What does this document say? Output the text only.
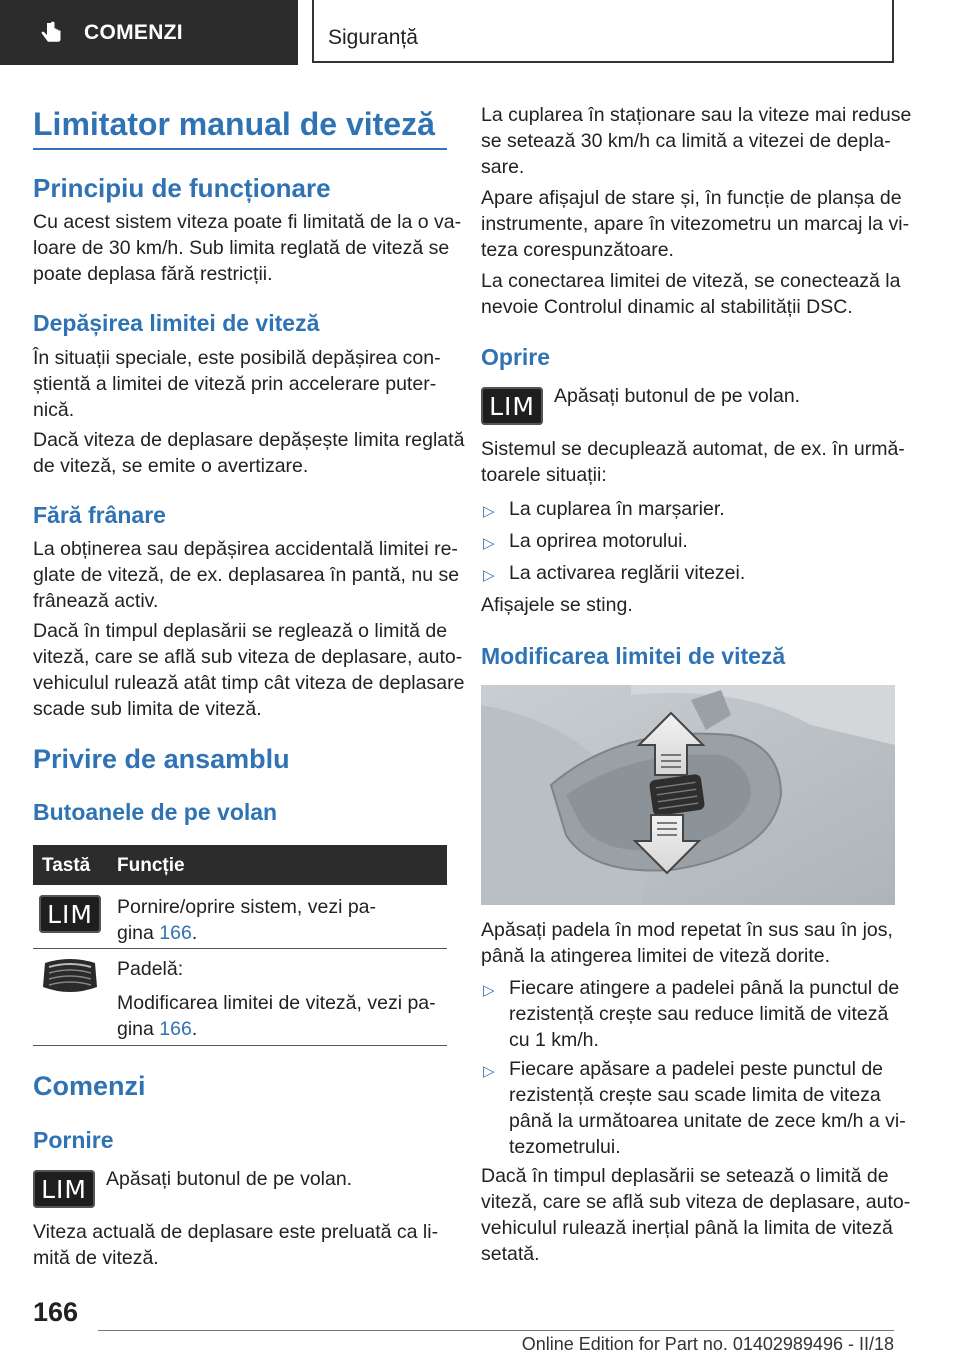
COMENZI	Siguranță
Limitator manual de viteză
Principiu de funcționare
Cu acest sistem viteza poate fi limitată de la o va-
loare de 30 km/h. Sub limita reglată de viteză se
poate deplasa fără restricții.
Depășirea limitei de viteză
În situații speciale, este posibilă depășirea con-
știentă a limitei de viteză prin accelerare puter-
nică.
Dacă viteza de deplasare depășește limita reglată
de viteză, se emite o avertizare.
Fără frânare
La obținerea sau depășirea accidentală limitei re-
glate de viteză, de ex. deplasarea în pantă, nu se
frânează activ.
Dacă în timpul deplasării se reglează o limită de
viteză, care se află sub viteza de deplasare, auto-
vehiculul rulează atât timp cât viteza de deplasare
scade sub limita de viteză.
Privire de ansamblu
Butoanele de pe volan
Tastă Funcție
LIM	Pornire/oprire sistem, vezi pa-
gina 166.
Padelă:
Modificarea limitei de viteză, vezi pa-
gina 166.
Comenzi
Pornire
LIM Apăsați butonul de pe volan.
Viteza actuală de deplasare este preluată ca li-
mită de viteză.
La cuplarea în staționare sau la viteze mai reduse
se setează 30 km/h ca limită a vitezei de depla-
sare.
Apare afișajul de stare și, în funcție de planșa de
instrumente, apare în vitezometru un marcaj la vi-
teza corespunzătoare.
La conectarea limitei de viteză, se conectează la
nevoie Controlul dinamic al stabilității DSC.
Oprire
LIM Apăsați butonul de pe volan.
Sistemul se decuplează automat, de ex. în urmă-
toarele situații:
▷ La cuplarea în marșarier.
▷ La oprirea motorului.
▷ La activarea reglării vitezei.
Afișajele se sting.
Modificarea limitei de viteză
Apăsați padela în mod repetat în sus sau în jos,
până la atingerea limitei de viteză dorite.
▷ Fiecare atingere a padelei până la punctul de
rezistență crește sau reduce limită de viteză
cu 1 km/h.
▷ Fiecare apăsare a padelei peste punctul de
rezistență crește sau scade limita de viteza
până la următoarea unitate de zece km/h a vi-
tezometrului.
Dacă în timpul deplasării se setează o limită de
viteză, care se află sub viteza de deplasare, auto-
vehiculul rulează inerțial până la limita de viteză
setată.
166
Online Edition for Part no. 01402989496 - II/18
